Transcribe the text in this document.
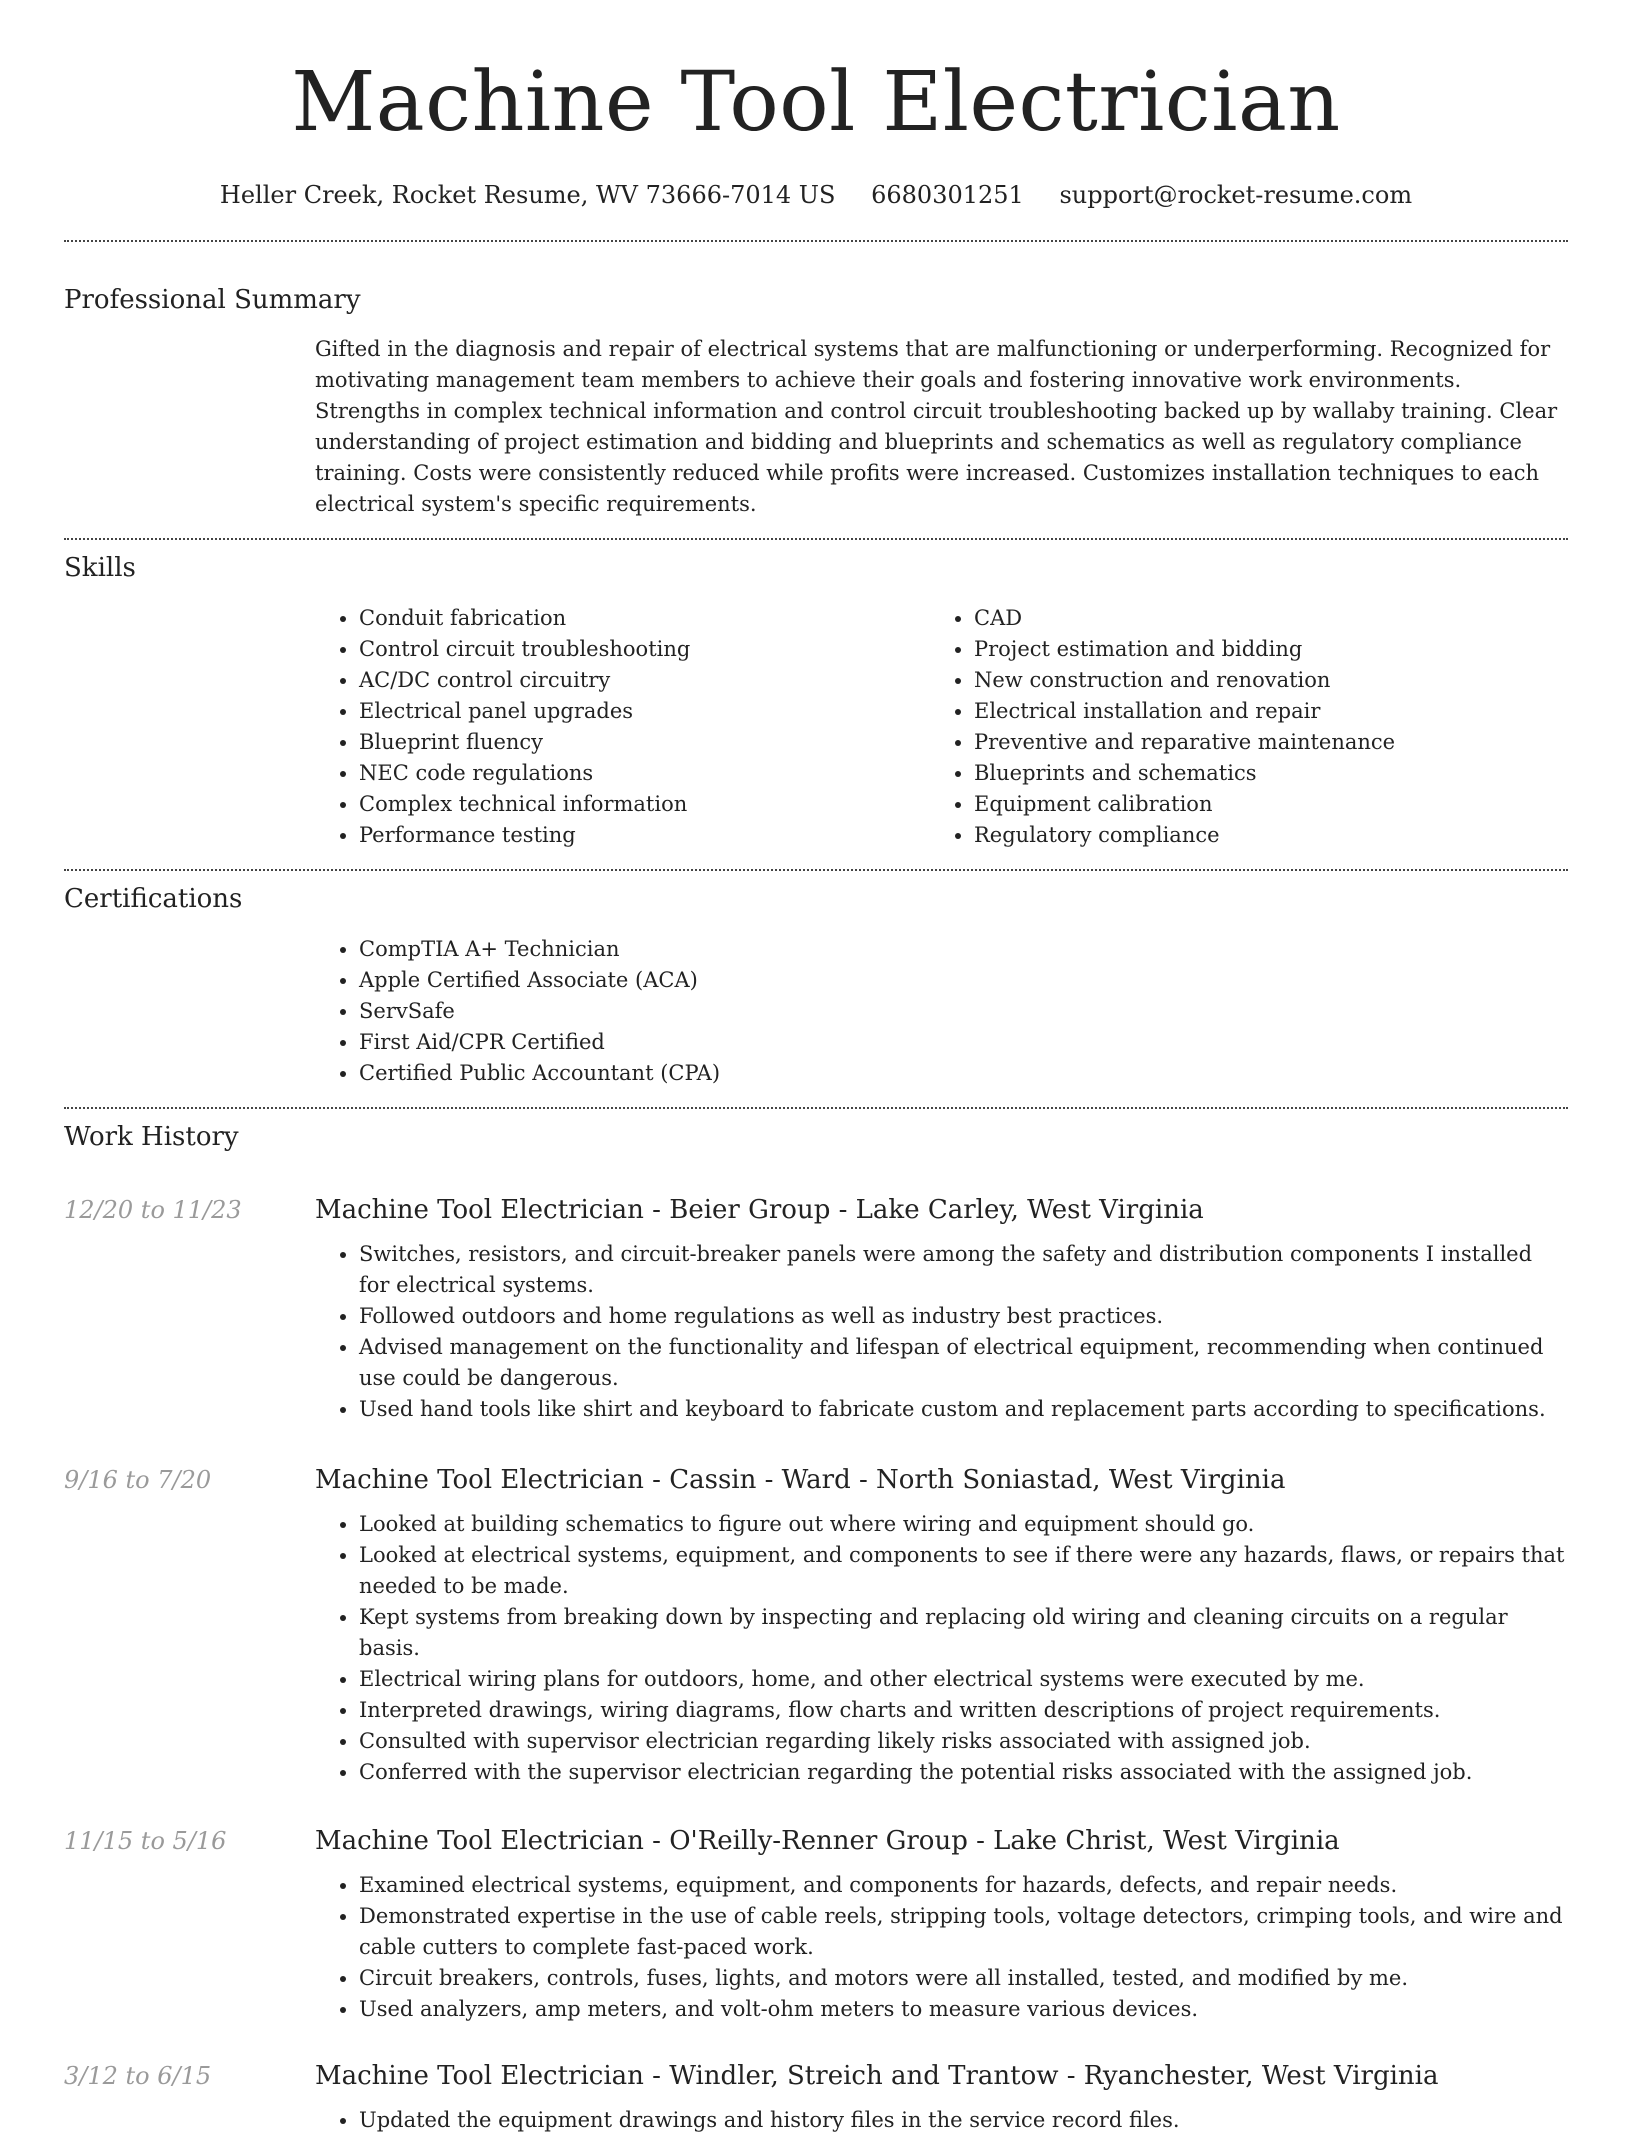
Machine Tool Electrician
Heller Creek, Rocket Resume, WV 73666-7014 US 6680301251 support@rocket-resume.com
Professional Summary
Gifted in the diagnosis and repair of electrical systems that are malfunctioning or underperforming. Recognized for motivating management team members to achieve their goals and fostering innovative work environments. Strengths in complex technical information and control circuit troubleshooting backed up by wallaby training. Clear understanding of project estimation and bidding and blueprints and schematics as well as regulatory compliance training. Costs were consistently reduced while profits were increased. Customizes installation techniques to each electrical system's specific requirements.
Skills
• Conduit fabrication
• Control circuit troubleshooting
• AC/DC control circuitry
• Electrical panel upgrades
• Blueprint fluency
• NEC code regulations
• Complex technical information
• Performance testing
• CAD
• Project estimation and bidding
• New construction and renovation
• Electrical installation and repair
• Preventive and reparative maintenance
• Blueprints and schematics
• Equipment calibration
• Regulatory compliance
Certifications
• CompTIA A+ Technician
• Apple Certified Associate (ACA)
• ServSafe
• First Aid/CPR Certified
• Certified Public Accountant (CPA)
Work History
12/20 to 11/23	Machine Tool Electrician - Beier Group - Lake Carley, West Virginia
• Switches, resistors, and circuit-breaker panels were among the safety and distribution components I installed for electrical systems.
• Followed outdoors and home regulations as well as industry best practices.
• Advised management on the functionality and lifespan of electrical equipment, recommending when continued use could be dangerous.
• Used hand tools like shirt and keyboard to fabricate custom and replacement parts according to specifications.
9/16 to 7/20	Machine Tool Electrician - Cassin - Ward - North Soniastad, West Virginia
• Looked at building schematics to figure out where wiring and equipment should go.
• Looked at electrical systems, equipment, and components to see if there were any hazards, flaws, or repairs that needed to be made.
• Kept systems from breaking down by inspecting and replacing old wiring and cleaning circuits on a regular basis.
• Electrical wiring plans for outdoors, home, and other electrical systems were executed by me.
• Interpreted drawings, wiring diagrams, flow charts and written descriptions of project requirements.
• Consulted with supervisor electrician regarding likely risks associated with assigned job.
• Conferred with the supervisor electrician regarding the potential risks associated with the assigned job.
11/15 to 5/16	Machine Tool Electrician - O'Reilly-Renner Group - Lake Christ, West Virginia
• Examined electrical systems, equipment, and components for hazards, defects, and repair needs.
• Demonstrated expertise in the use of cable reels, stripping tools, voltage detectors, crimping tools, and wire and cable cutters to complete fast-paced work.
• Circuit breakers, controls, fuses, lights, and motors were all installed, tested, and modified by me.
• Used analyzers, amp meters, and volt-ohm meters to measure various devices.
3/12 to 6/15	Machine Tool Electrician - Windler, Streich and Trantow - Ryanchester, West Virginia
• Updated the equipment drawings and history files in the service record files.
